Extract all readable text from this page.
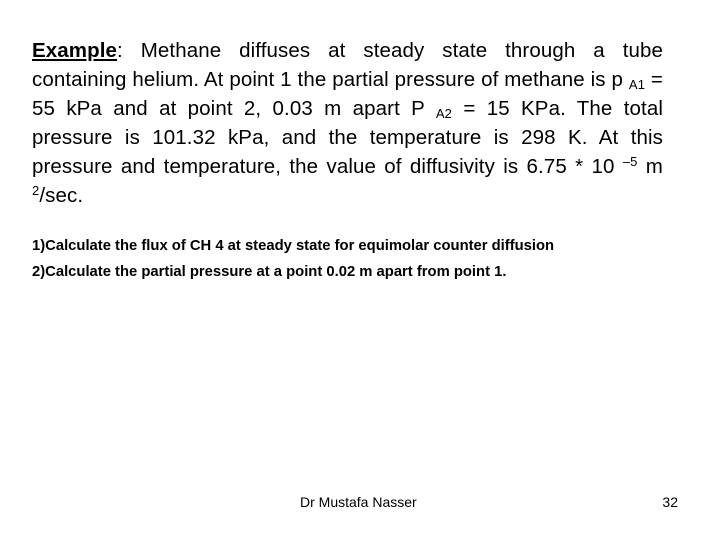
Example: Methane diffuses at steady state through a tube containing helium. At point 1 the partial pressure of methane is p $_{A1}$ = 55 kPa and at point 2, 0.03 m apart P $_{A2}$ = 15 KPa. The total pressure is 101.32 kPa, and the temperature is 298 K. At this pressure and temperature, the value of diffusivity is 6.75 * 10 $^{-5}$ m $^2$/sec.
1)Calculate the flux of CH 4 at steady state for equimolar counter diffusion
2)Calculate the partial pressure at a point 0.02 m apart from point 1.
Dr Mustafa Nasser	32
